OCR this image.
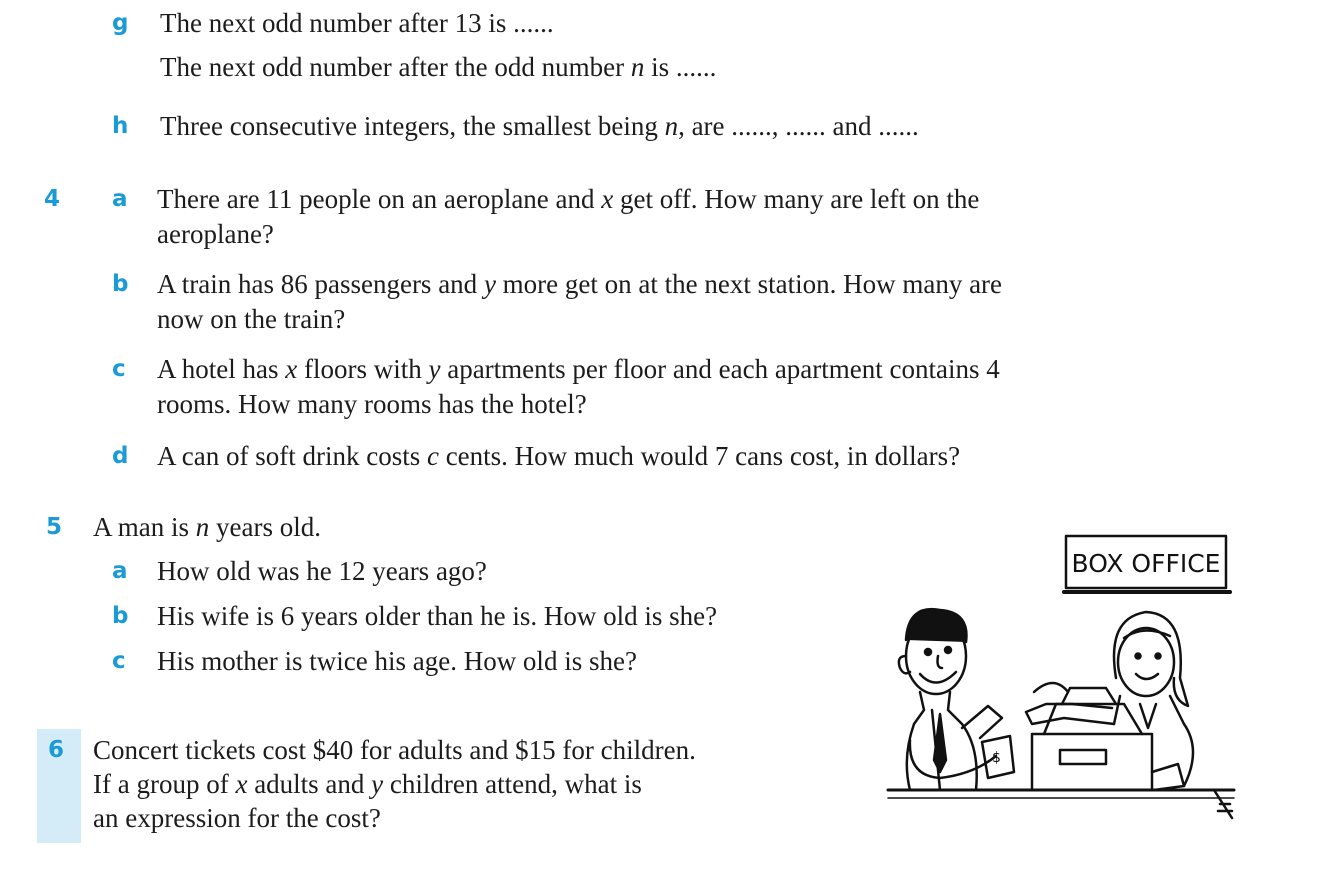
g The next odd number after 13 is ......
The next odd number after the odd number n is ......
h Three consecutive integers, the smallest being n, are ......, ...... and ......
4 a There are 11 people on an aeroplane and x get off. How many are left on the
aeroplane?
b A train has 86 passengers and y more get on at the next station. How many are
now on the train?
c A hotel has x floors with y apartments per floor and each apartment contains 4
rooms. How many rooms has the hotel?
d A can of soft drink costs c cents. How much would 7 cans cost, in dollars?
5 A man is n years old.
a How old was he 12 years ago?
b His wife is 6 years older than he is. How old is she?
c His mother is twice his age. How old is she?
6 Concert tickets cost $40 for adults and $15 for children.
If a group of x adults and y children attend, what is
an expression for the cost?
$
BOX OFFICE
